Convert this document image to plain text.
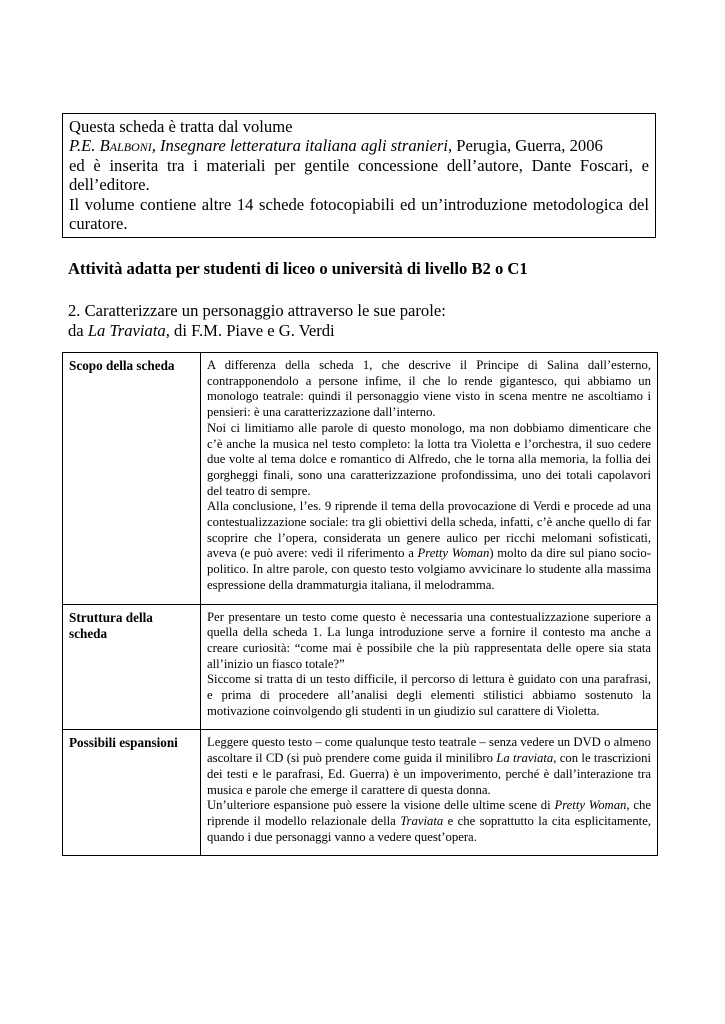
Questa scheda è tratta dal volume

P.E. Balboni, Insegnare letteratura italiana agli stranieri, Perugia, Guerra, 2006

ed è inserita tra i materiali per gentile concessione dell’autore, Dante Foscari, e dell’editore.

Il volume contiene altre 14 schede fotocopiabili ed un’introduzione metodologica del curatore.

Attività adatta per studenti di liceo o università di livello B2 o C1

2. Caratterizzare un personaggio attraverso le sue parole:

da La Traviata, di F.M. Piave e G. Verdi

Scopo della scheda	A differenza della scheda 1, che descrive il Principe di Salina dall’esterno, contrapponendolo a persone infime, il che lo rende gigantesco, qui abbiamo un monologo teatrale: quindi il personaggio viene visto in scena mentre ne ascoltiamo i pensieri: è una caratterizzazione dall’interno.

Noi ci limitiamo alle parole di questo monologo, ma non dobbiamo dimenticare che c’è anche la musica nel testo completo: la lotta tra Violetta e l’orchestra, il suo cedere due volte al tema dolce e romantico di Alfredo, che le torna alla memoria, la follia dei gorgheggi finali, sono una caratterizzazione profondissima, uno dei totali capolavori del teatro di sempre.

Alla conclusione, l’es. 9 riprende il tema della provocazione di Verdi e procede ad una contestualizzazione sociale: tra gli obiettivi della scheda, infatti, c’è anche quello di far scoprire che l’opera, considerata un genere aulico per ricchi melomani sofisticati, aveva (e può avere: vedi il riferimento a Pretty Woman) molto da dire sul piano socio-politico. In altre parole, con questo testo volgiamo avvicinare lo studente alla massima espressione della drammaturgia italiana, il melodramma.

Struttura della scheda	Per presentare un testo come questo è necessaria una contestualizzazione superiore a quella della scheda 1. La lunga introduzione serve a fornire il contesto ma anche a creare curiosità: “come mai è possibile che la più rappresentata delle opere sia stata all’inizio un fiasco totale?”

Siccome si tratta di un testo difficile, il percorso di lettura è guidato con una parafrasi, e prima di procedere all’analisi degli elementi stilistici abbiamo sostenuto la motivazione coinvolgendo gli studenti in un giudizio sul carattere di Violetta.

Possibili espansioni	Leggere questo testo – come qualunque testo teatrale – senza vedere un DVD o almeno ascoltare il CD (si può prendere come guida il minilibro La traviata, con le trascrizioni dei testi e le parafrasi, Ed. Guerra) è un impoverimento, perché è dall’interazione tra musica e parole che emerge il carattere di questa donna.

Un’ulteriore espansione può essere la visione delle ultime scene di Pretty Woman, che riprende il modello relazionale della Traviata e che soprattutto la cita esplicitamente, quando i due personaggi vanno a vedere quest’opera.
